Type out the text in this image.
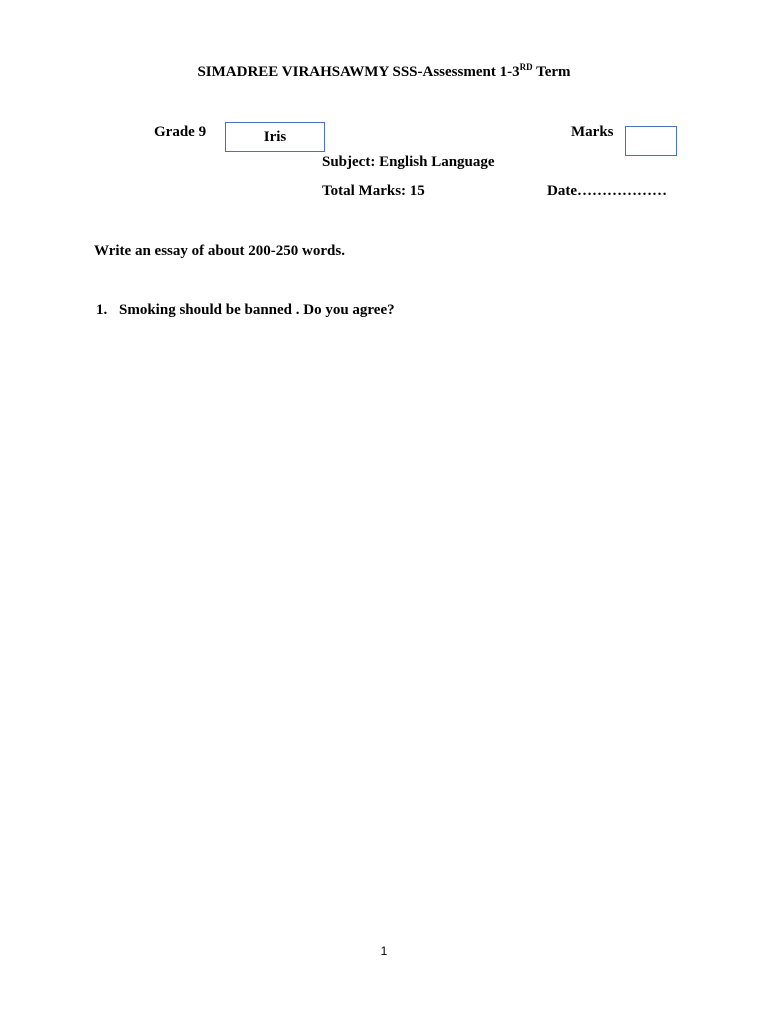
SIMADREE VIRAHSAWMY SSS-Assessment 1-3RD Term
Grade 9	Iris	Marks
Subject: English Language
Total Marks: 15	Date………………
Write an essay of about 200-250 words.
1. Smoking should be banned . Do you agree?
1
